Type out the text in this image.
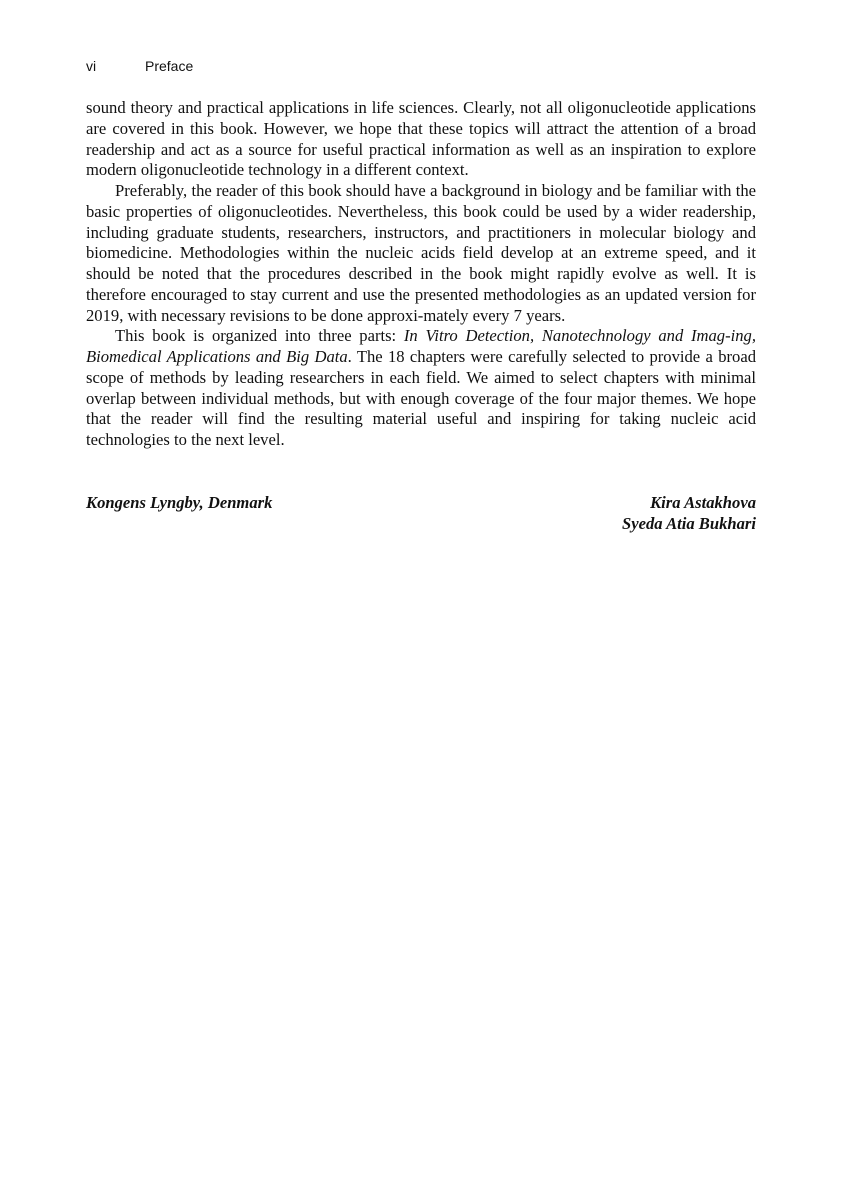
vi	Preface

sound theory and practical applications in life sciences. Clearly, not all oligonucleotide applications are covered in this book. However, we hope that these topics will attract the attention of a broad readership and act as a source for useful practical information as well as an inspiration to explore modern oligonucleotide technology in a different context.

Preferably, the reader of this book should have a background in biology and be familiar with the basic properties of oligonucleotides. Nevertheless, this book could be used by a wider readership, including graduate students, researchers, instructors, and practitioners in molecular biology and biomedicine. Methodologies within the nucleic acids field develop at an extreme speed, and it should be noted that the procedures described in the book might rapidly evolve as well. It is therefore encouraged to stay current and use the presented methodologies as an updated version for 2019, with necessary revisions to be done approxi-mately every 7 years.

This book is organized into three parts: In Vitro Detection, Nanotechnology and Imag-ing, Biomedical Applications and Big Data. The 18 chapters were carefully selected to provide a broad scope of methods by leading researchers in each field. We aimed to select chapters with minimal overlap between individual methods, but with enough coverage of the four major themes. We hope that the reader will find the resulting material useful and inspiring for taking nucleic acid technologies to the next level.

Kongens Lyngby, Denmark	Kira Astakhova
Syeda Atia Bukhari
